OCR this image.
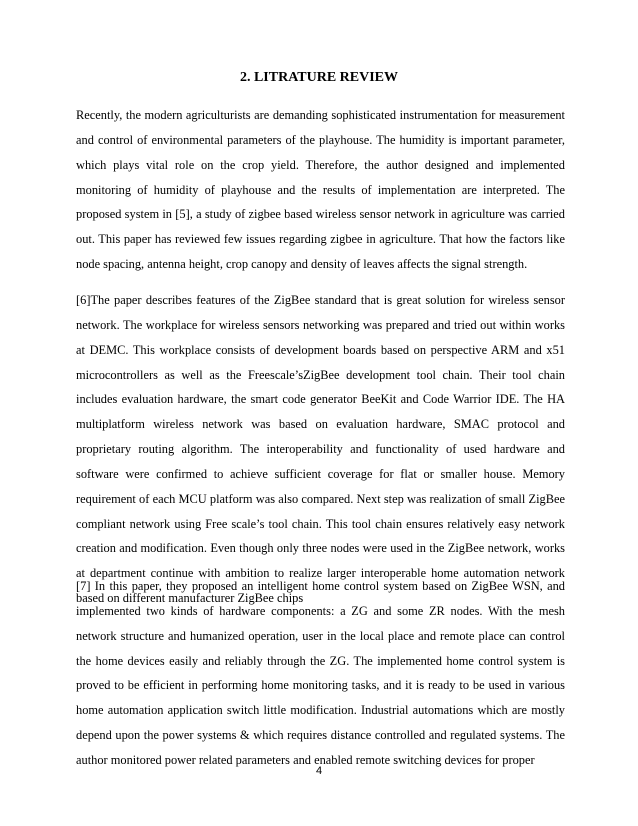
2. LITRATURE REVIEW

Recently, the modern agriculturists are demanding sophisticated instrumentation for measurement and control of environmental parameters of the playhouse. The humidity is important parameter, which plays vital role on the crop yield. Therefore, the author designed and implemented monitoring of humidity of playhouse and the results of implementation are interpreted. The proposed system in [5], a study of zigbee based wireless sensor network in agriculture was carried out. This paper has reviewed few issues regarding zigbee in agriculture. That how the factors like node spacing, antenna height, crop canopy and density of leaves affects the signal strength.

[6]The paper describes features of the ZigBee standard that is great solution for wireless sensor network. The workplace for wireless sensors networking was prepared and tried out within works at DEMC. This workplace consists of development boards based on perspective ARM and x51 microcontrollers as well as the Freescale’sZigBee development tool chain. Their tool chain includes evaluation hardware, the smart code generator BeeKit and Code Warrior IDE. The HA multiplatform wireless network was based on evaluation hardware, SMAC protocol and proprietary routing algorithm. The interoperability and functionality of used hardware and software were confirmed to achieve sufficient coverage for flat or smaller house. Memory requirement of each MCU platform was also compared. Next step was realization of small ZigBee compliant network using Free scale’s tool chain. This tool chain ensures relatively easy network creation and modification. Even though only three nodes were used in the ZigBee network, works at department continue with ambition to realize larger interoperable home automation network based on different manufacturer ZigBee chips

[7] In this paper, they proposed an intelligent home control system based on ZigBee WSN, and implemented two kinds of hardware components: a ZG and some ZR nodes. With the mesh network structure and humanized operation, user in the local place and remote place can control the home devices easily and reliably through the ZG. The implemented home control system is proved to be efficient in performing home monitoring tasks, and it is ready to be used in various home automation application switch little modification. Industrial automations which are mostly depend upon the power systems & which requires distance controlled and regulated systems. The author monitored power related parameters and enabled remote switching devices for proper

4
